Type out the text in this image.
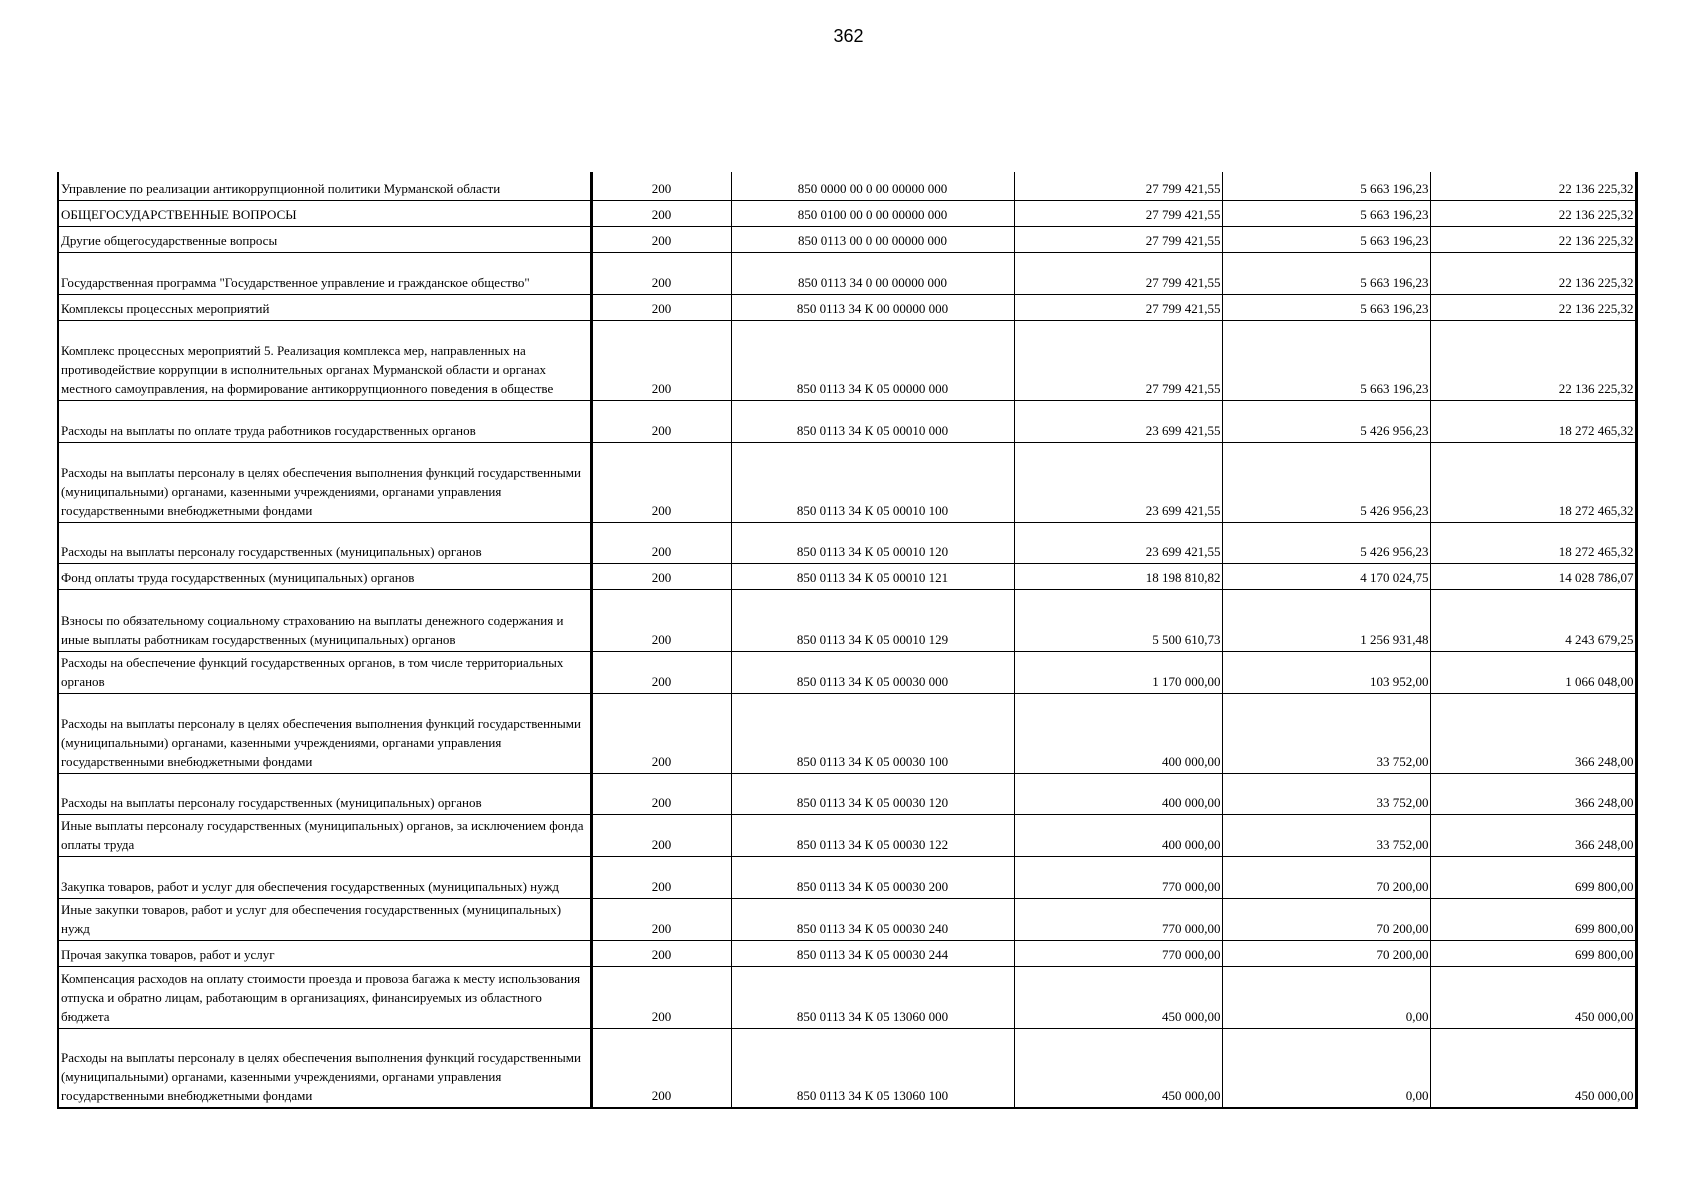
362
Управление по реализации антикоррупционной политики Мурманской области	200	850 0000 00 0 00 00000 000	27 799 421,55	5 663 196,23	22 136 225,32
ОБЩЕГОСУДАРСТВЕННЫЕ ВОПРОСЫ	200	850 0100 00 0 00 00000 000	27 799 421,55	5 663 196,23	22 136 225,32
Другие общегосударственные вопросы	200	850 0113 00 0 00 00000 000	27 799 421,55	5 663 196,23	22 136 225,32
Государственная программа "Государственное управление и гражданское общество"	200	850 0113 34 0 00 00000 000	27 799 421,55	5 663 196,23	22 136 225,32
Комплексы процессных мероприятий	200	850 0113 34 К 00 00000 000	27 799 421,55	5 663 196,23	22 136 225,32
Комплекс процессных мероприятий 5. Реализация комплекса мер, направленных на противодействие коррупции в исполнительных органах Мурманской области и органах местного самоуправления, на формирование антикоррупционного поведения в обществе	200	850 0113 34 К 05 00000 000	27 799 421,55	5 663 196,23	22 136 225,32
Расходы на выплаты по оплате труда работников государственных органов	200	850 0113 34 К 05 00010 000	23 699 421,55	5 426 956,23	18 272 465,32
Расходы на выплаты персоналу в целях обеспечения выполнения функций государственными (муниципальными) органами, казенными учреждениями, органами управления государственными внебюджетными фондами	200	850 0113 34 К 05 00010 100	23 699 421,55	5 426 956,23	18 272 465,32
Расходы на выплаты персоналу государственных (муниципальных) органов	200	850 0113 34 К 05 00010 120	23 699 421,55	5 426 956,23	18 272 465,32
Фонд оплаты труда государственных (муниципальных) органов	200	850 0113 34 К 05 00010 121	18 198 810,82	4 170 024,75	14 028 786,07
Взносы по обязательному социальному страхованию на выплаты денежного содержания и иные выплаты работникам государственных (муниципальных) органов	200	850 0113 34 К 05 00010 129	5 500 610,73	1 256 931,48	4 243 679,25
Расходы на обеспечение функций государственных органов, в том числе территориальных органов	200	850 0113 34 К 05 00030 000	1 170 000,00	103 952,00	1 066 048,00
Расходы на выплаты персоналу в целях обеспечения выполнения функций государственными (муниципальными) органами, казенными учреждениями, органами управления государственными внебюджетными фондами	200	850 0113 34 К 05 00030 100	400 000,00	33 752,00	366 248,00
Расходы на выплаты персоналу государственных (муниципальных) органов	200	850 0113 34 К 05 00030 120	400 000,00	33 752,00	366 248,00
Иные выплаты персоналу государственных (муниципальных) органов, за исключением фонда оплаты труда	200	850 0113 34 К 05 00030 122	400 000,00	33 752,00	366 248,00
Закупка товаров, работ и услуг для обеспечения государственных (муниципальных) нужд	200	850 0113 34 К 05 00030 200	770 000,00	70 200,00	699 800,00
Иные закупки товаров, работ и услуг для обеспечения государственных (муниципальных) нужд	200	850 0113 34 К 05 00030 240	770 000,00	70 200,00	699 800,00
Прочая закупка товаров, работ и услуг	200	850 0113 34 К 05 00030 244	770 000,00	70 200,00	699 800,00
Компенсация расходов на оплату стоимости проезда и провоза багажа к месту использования отпуска и обратно лицам, работающим в организациях, финансируемых из областного бюджета	200	850 0113 34 К 05 13060 000	450 000,00	0,00	450 000,00
Расходы на выплаты персоналу в целях обеспечения выполнения функций государственными (муниципальными) органами, казенными учреждениями, органами управления государственными внебюджетными фондами	200	850 0113 34 К 05 13060 100	450 000,00	0,00	450 000,00
